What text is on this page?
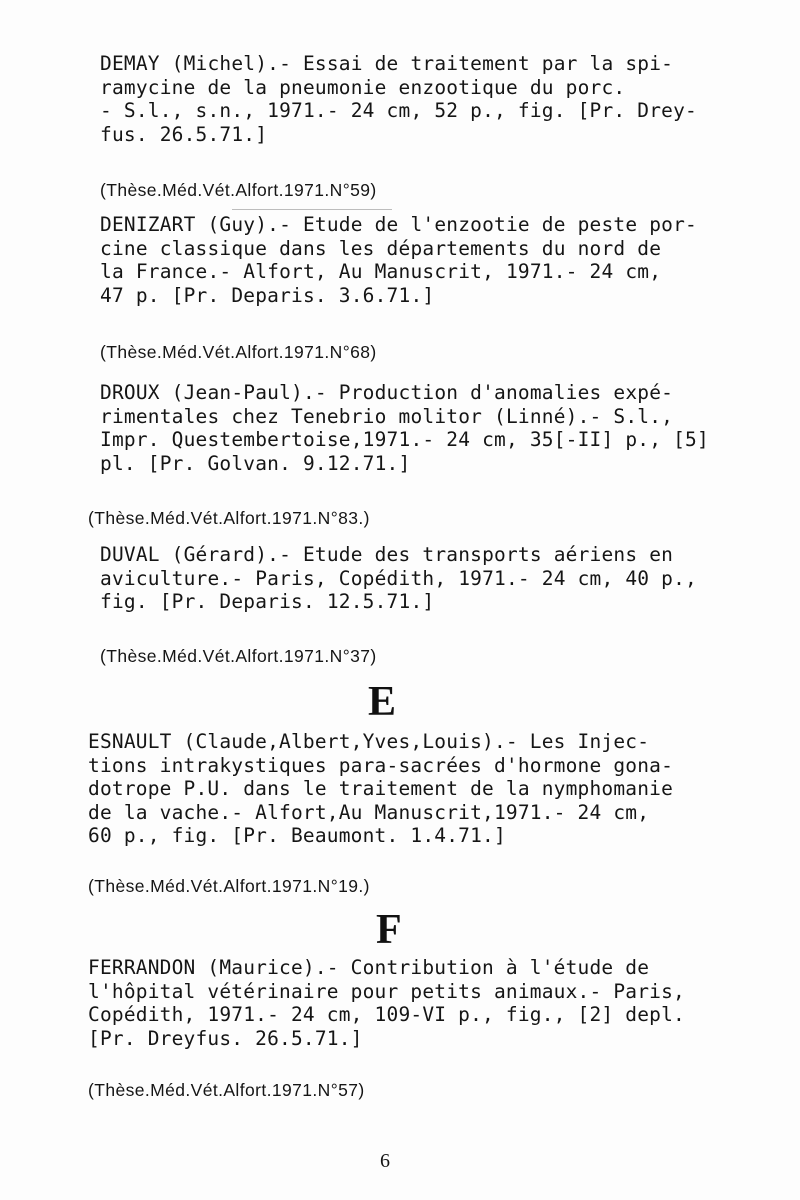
DEMAY (Michel).- Essai de traitement par la spi-
ramycine de la pneumonie enzootique du porc.
- S.l., s.n., 1971.- 24 cm, 52 p., fig. [Pr. Drey-
fus. 26.5.71.]
(Thèse.Méd.Vét.Alfort.1971.N°59)
DENIZART (Guy).- Etude de l'enzootie de peste por-
cine classique dans les départements du nord de
la France.- Alfort, Au Manuscrit, 1971.- 24 cm,
47 p. [Pr. Deparis. 3.6.71.]
(Thèse.Méd.Vét.Alfort.1971.N°68)
DROUX (Jean-Paul).- Production d'anomalies expé-
rimentales chez Tenebrio molitor (Linné).- S.l.,
Impr. Questembertoise,1971.- 24 cm, 35[-II] p., [5]
pl. [Pr. Golvan. 9.12.71.]
(Thèse.Méd.Vét.Alfort.1971.N°83.)
DUVAL (Gérard).- Etude des transports aériens en
aviculture.- Paris, Copédith, 1971.- 24 cm, 40 p.,
fig. [Pr. Deparis. 12.5.71.]
(Thèse.Méd.Vét.Alfort.1971.N°37)
E
ESNAULT (Claude,Albert,Yves,Louis).- Les Injec-
tions intrakystiques para-sacrées d'hormone gona-
dotrope P.U. dans le traitement de la nymphomanie
de la vache.- Alfort,Au Manuscrit,1971.- 24 cm,
60 p., fig. [Pr. Beaumont. 1.4.71.]
(Thèse.Méd.Vét.Alfort.1971.N°19.)
F
FERRANDON (Maurice).- Contribution à l'étude de
l'hôpital vétérinaire pour petits animaux.- Paris,
Copédith, 1971.- 24 cm, 109-VI p., fig., [2] depl.
[Pr. Dreyfus. 26.5.71.]
(Thèse.Méd.Vét.Alfort.1971.N°57)
6
